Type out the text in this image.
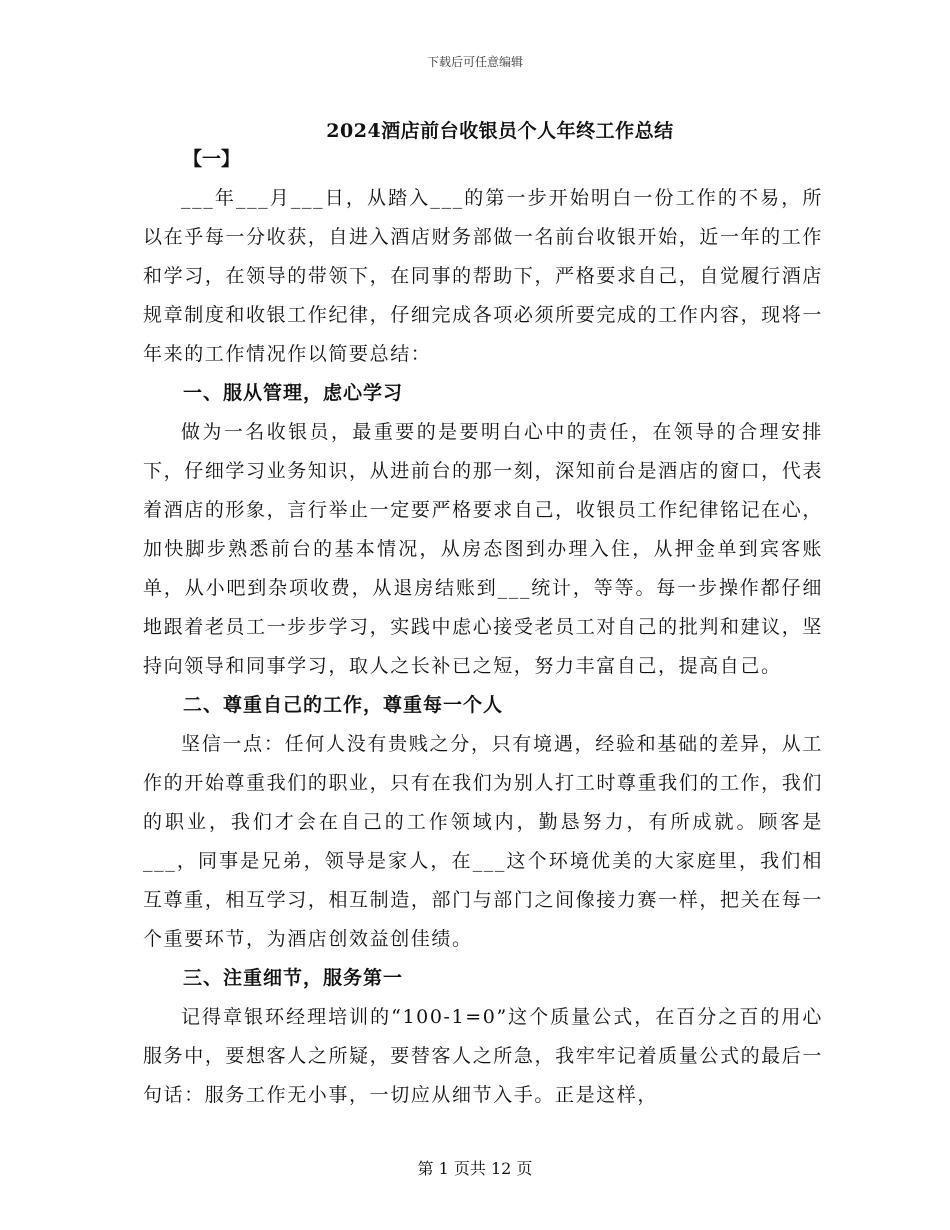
下载后可任意编辑
2024酒店前台收银员个人年终工作总结
【一】

___年___月___日，从踏入___的第一步开始明白一份工作的不易，所以在乎每一分收获，自进入酒店财务部做一名前台收银开始，近一年的工作和学习，在领导的带领下，在同事的帮助下，严格要求自己，自觉履行酒店规章制度和收银工作纪律，仔细完成各项必须所要完成的工作内容，现将一年来的工作情况作以简要总结：

一、服从管理，虑心学习

做为一名收银员，最重要的是要明白心中的责任，在领导的合理安排下，仔细学习业务知识，从进前台的那一刻，深知前台是酒店的窗口，代表着酒店的形象，言行举止一定要严格要求自己，收银员工作纪律铭记在心，加快脚步熟悉前台的基本情况，从房态图到办理入住，从押金单到宾客账单，从小吧到杂项收费，从退房结账到___统计，等等。每一步操作都仔细地跟着老员工一步步学习，实践中虑心接受老员工对自己的批判和建议，坚持向领导和同事学习，取人之长补已之短，努力丰富自己，提高自己。

二、尊重自己的工作，尊重每一个人

坚信一点：任何人没有贵贱之分，只有境遇，经验和基础的差异，从工作的开始尊重我们的职业，只有在我们为别人打工时尊重我们的工作，我们的职业，我们才会在自己的工作领域内，勤恳努力，有所成就。顾客是___，同事是兄弟，领导是家人，在___这个环境优美的大家庭里，我们相互尊重，相互学习，相互制造，部门与部门之间像接力赛一样，把关在每一个重要环节，为酒店创效益创佳绩。

三、注重细节，服务第一

记得章银环经理培训的“100-1=0”这个质量公式，在百分之百的用心服务中，要想客人之所疑，要替客人之所急，我牢牢记着质量公式的最后一句话：服务工作无小事，一切应从细节入手。正是这样，

第 1 页共 12 页
